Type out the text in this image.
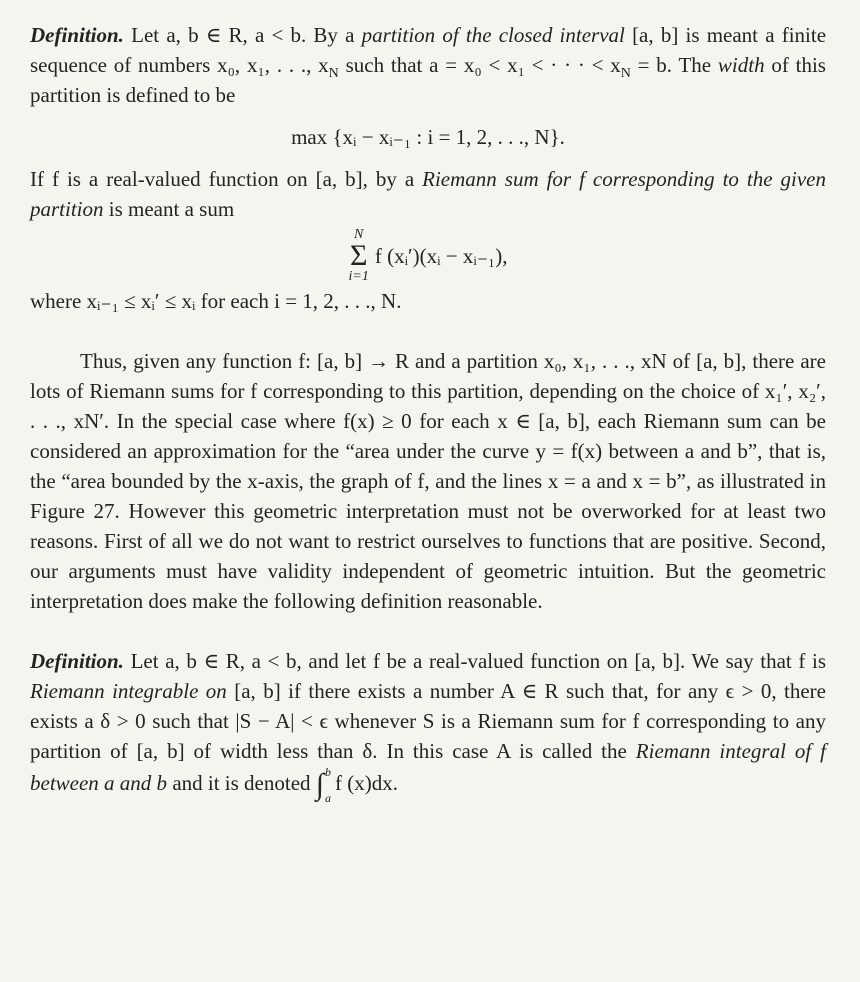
Definition. Let a, b ∈ R, a < b. By a partition of the closed interval [a, b] is meant a finite sequence of numbers x₀, x₁, . . ., $x_N$ such that a = x₀ < x₁ < · · · < $x_N = b$. The width of this partition is defined to be

max {xᵢ − xᵢ₋₁ : i = 1, 2, . . ., N}.

If f is a real-valued function on [a, b], by a Riemann sum for f corresponding to the given partition is meant a sum

N
Σ
i=1
f (xᵢ′)(xᵢ − xᵢ₋₁),

where xᵢ₋₁ ≤ xᵢ′ ≤ xᵢ for each i = 1, 2, . . ., N.

Thus, given any function f: [a, b] → R and a partition x₀, x₁, . . ., xN of [a, b], there are lots of Riemann sums for f corresponding to this partition, depending on the choice of x₁′, x₂′, . . ., xN′. In the special case where f(x) ≥ 0 for each x ∈ [a, b], each Riemann sum can be considered an approximation for the “area under the curve y = f(x) between a and b”, that is, the “area bounded by the x-axis, the graph of f, and the lines x = a and x = b”, as illustrated in Figure 27. However this geometric interpretation must not be overworked for at least two reasons. First of all we do not want to restrict ourselves to functions that are positive. Second, our arguments must have validity independent of geometric intuition. But the geometric interpretation does make the following definition reasonable.

Definition. Let a, b ∈ R, a < b, and let f be a real-valued function on [a, b]. We say that f is Riemann integrable on [a, b] if there exists a number A ∈ R such that, for any ϵ > 0, there exists a δ > 0 such that |S − A| < ϵ whenever S is a Riemann sum for f corresponding to any partition of [a, b] of width less than δ. In this case A is called the Riemann integral of f between a and b and it is denoted ∫ b
a
f (x)dx.
